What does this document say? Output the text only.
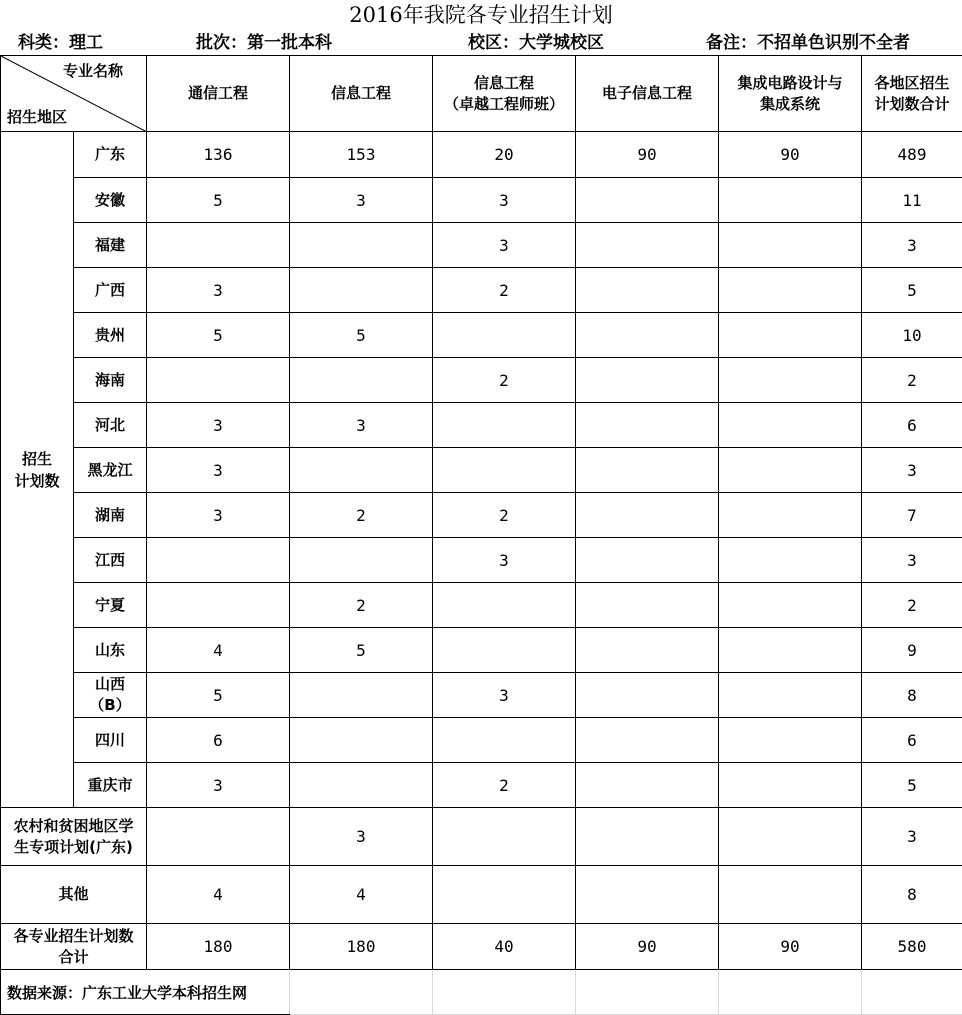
2016年我院各专业招生计划
科类：理工	批次：第一批本科	校区：大学城校区	备注：不招单色识别不全者
专业名称
招生地区		通信工程	信息工程	信息工程
（卓越工程师班）	电子信息工程	集成电路设计与
集成系统	各地区招生
计划数合计
招生
计划数	广东	136	153	20	90	90	489
	安徽	5	3	3			11
	福建			3			3
	广西	3		2			5
	贵州	5	5				10
	海南			2			2
	河北	3	3				6
	黑龙江	3					3
	湖南	3	2	2			7
	江西			3			3
	宁夏		2				2
	山东	4	5				9
	山西
（B）	5		3			8
	四川	6					6
	重庆市	3		2			5
农村和贫困地区学
生专项计划(广东)			3				3
其他		4	4				8
各专业招生计划数
合计		180	180	40	90	90	580
数据来源：广东工业大学本科招生网							
